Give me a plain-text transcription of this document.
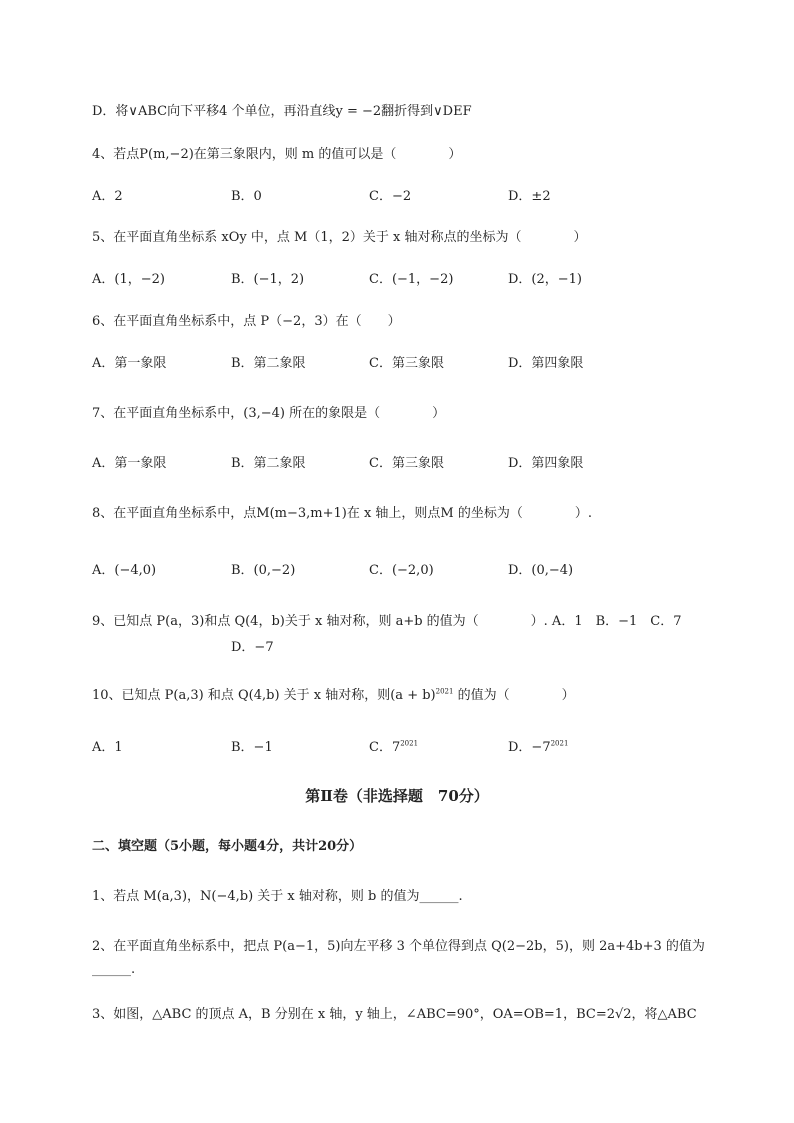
D．将∨ABC向下平移4 个单位，再沿直线y = −2翻折得到∨DEF
4、若点P(m,−2)在第三象限内，则 m 的值可以是（　　　　）
A．2	B．0	C．−2	D．±2
5、在平面直角坐标系 xOy 中，点 M（1，2）关于 x 轴对称点的坐标为（　　　　）
A．(1，−2)	B．(−1，2)	C．(−1，−2)	D．(2，−1)
6、在平面直角坐标系中，点 P（−2，3）在（　　）
A．第一象限	B．第二象限	C．第三象限	D．第四象限
7、在平面直角坐标系中，(3,−4) 所在的象限是（　　　　）
A．第一象限	B．第二象限	C．第三象限	D．第四象限
8、在平面直角坐标系中，点M(m−3,m+1)在 x 轴上，则点M 的坐标为（　　　　）.
A．(−4,0)	B．(0,−2)	C．(−2,0)	D．(0,−4)
9、已知点 P(a，3)和点 Q(4，b)关于 x 轴对称，则 a+b 的值为（　　　　）. A．1　B．−1　C．7
D．−7
10、已知点 P(a,3) 和点 Q(4,b) 关于 x 轴对称，则$(a + b)^{2021}$ 的值为（　　　　）
A．1	B．−1	C．$7^{2021}$	D．$-7^{2021}$
第Ⅱ卷（非选择题　70分）
二、填空题（5小题，每小题4分，共计20分）
1、若点 M(a,3)，N(−4,b) 关于 x 轴对称，则 b 的值为______.
2、在平面直角坐标系中，把点 P(a−1，5)向左平移 3 个单位得到点 Q(2−2b，5)，则 2a+4b+3 的值为
______.
3、如图，△ABC 的顶点 A，B 分别在 x 轴，y 轴上，∠ABC=90°，OA=OB=1，BC=2√2，将△ABC
